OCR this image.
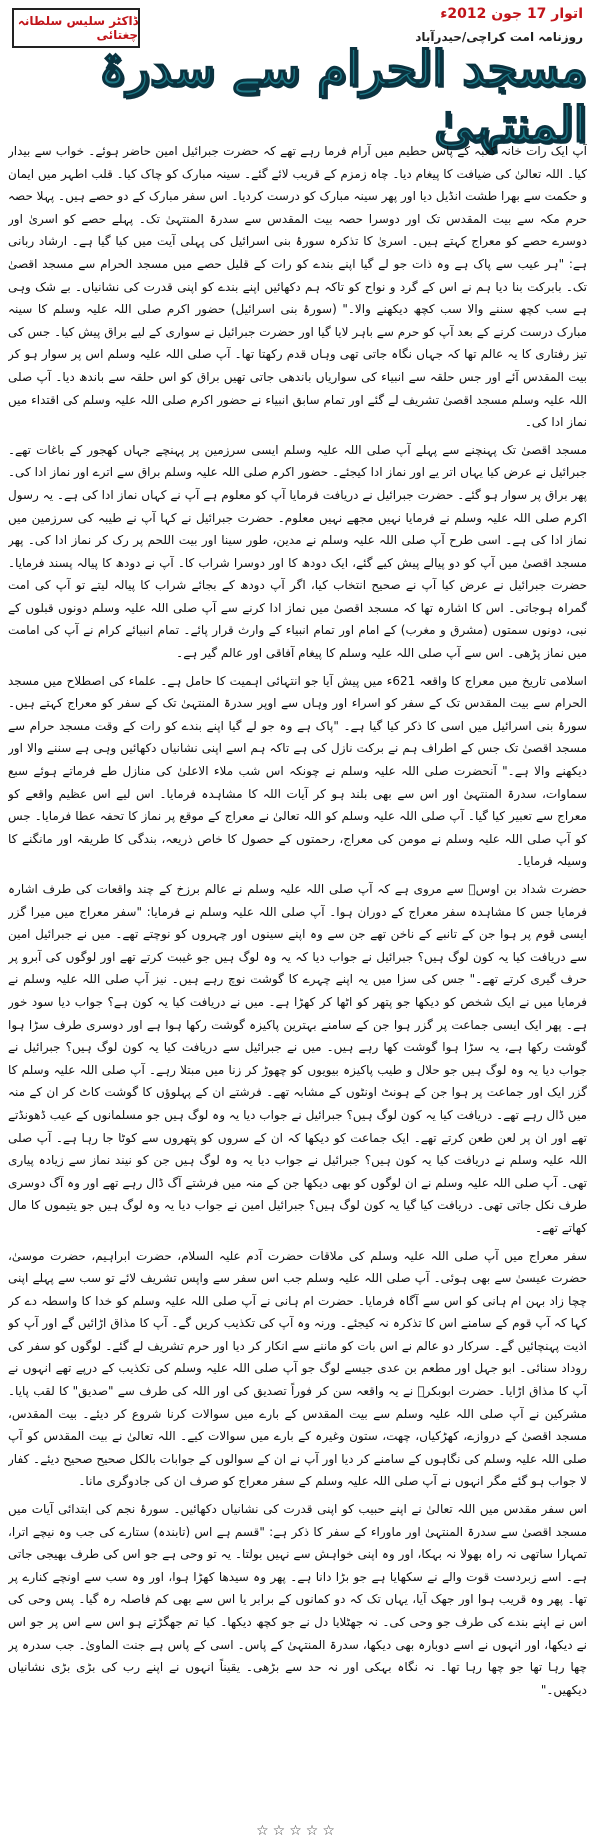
اتوار 17 جون 2012ء
روزنامہ امت کراچی/حیدرآباد
ڈاکٹر سلیس سلطانہ چغتائی
مسجد الحرام سے سدرۃ المنتہیٰ

آپ ایک رات خانہ کعبہ کے پاس حطیم میں آرام فرما رہے تھے کہ حضرت جبرائیل امین حاضر ہوئے۔ خواب سے بیدار کیا۔ اللہ تعالیٰ کی ضیافت کا پیغام دیا۔ چاہ زمزم کے قریب لائے گئے۔ سینہ مبارک کو چاک کیا۔ قلب اطہر میں ایمان و حکمت سے بھرا طشت انڈیل دیا اور پھر سینہ مبارک کو درست کردیا۔ اس سفر مبارک کے دو حصے ہیں۔ پہلا حصہ حرم مکہ سے بیت المقدس تک اور دوسرا حصہ بیت المقدس سے سدرۃ المنتہیٰ تک۔ پہلے حصے کو اسریٰ اور دوسرے حصے کو معراج کہتے ہیں۔ اسریٰ کا تذکرہ سورۂ بنی اسرائیل کی پہلی آیت میں کیا گیا ہے۔ ارشاد ربانی ہے: "ہر عیب سے پاک ہے وہ ذات جو لے گیا اپنے بندے کو رات کے قلیل حصے میں مسجد الحرام سے مسجد اقصیٰ تک۔ بابرکت بنا دیا ہم نے اس کے گرد و نواح کو تاکہ ہم دکھائیں اپنے بندے کو اپنی قدرت کی نشانیاں۔ بے شک وہی ہے سب کچھ سننے والا سب کچھ دیکھنے والا۔" (سورۂ بنی اسرائیل) حضور اکرم صلی اللہ علیہ وسلم کا سینہ مبارک درست کرنے کے بعد آپ کو حرم سے باہر لایا گیا اور حضرت جبرائیل نے سواری کے لیے براق پیش کیا۔ جس کی تیز رفتاری کا یہ عالم تھا کہ جہاں نگاہ جاتی تھی وہاں قدم رکھتا تھا۔ آپ صلی اللہ علیہ وسلم اس پر سوار ہو کر بیت المقدس آئے اور جس حلقہ سے انبیاء کی سواریاں باندھی جاتی تھیں براق کو اس حلقہ سے باندھ دیا۔ آپ صلی اللہ علیہ وسلم مسجد اقصیٰ تشریف لے گئے اور تمام سابق انبیاء نے حضور اکرم صلی اللہ علیہ وسلم کی اقتداء میں نماز ادا کی۔

مسجد اقصیٰ تک پہنچنے سے پہلے آپ صلی اللہ علیہ وسلم ایسی سرزمین پر پہنچے جہاں کھجور کے باغات تھے۔ جبرائیل نے عرض کیا یہاں اتر یے اور نماز ادا کیجئے۔ حضور اکرم صلی اللہ علیہ وسلم براق سے اترے اور نماز ادا کی۔ پھر براق پر سوار ہو گئے۔ حضرت جبرائیل نے دریافت فرمایا آپ کو معلوم ہے آپ نے کہاں نماز ادا کی ہے۔ یہ رسول اکرم صلی اللہ علیہ وسلم نے فرمایا نہیں مجھے نہیں معلوم۔ حضرت جبرائیل نے کہا آپ نے طیبہ کی سرزمین میں نماز ادا کی ہے۔ اسی طرح آپ صلی اللہ علیہ وسلم نے مدین، طور سینا اور بیت اللحم پر رک کر نماز ادا کی۔ پھر مسجد اقصیٰ میں آپ کو دو پیالے پیش کیے گئے، ایک دودھ کا اور دوسرا شراب کا۔ آپ نے دودھ کا پیالہ پسند فرمایا۔ حضرت جبرائیل نے عرض کیا آپ نے صحیح انتخاب کیا، اگر آپ دودھ کے بجائے شراب کا پیالہ لیتے تو آپ کی امت گمراہ ہوجاتی۔ اس کا اشارہ تھا کہ مسجد اقصیٰ میں نماز ادا کرنے سے آپ صلی اللہ علیہ وسلم دونوں قبلوں کے نبی، دونوں سمتوں (مشرق و مغرب) کے امام اور تمام انبیاء کے وارث قرار پائے۔ تمام انبیائے کرام نے آپ کی امامت میں نماز پڑھی۔ اس سے آپ صلی اللہ علیہ وسلم کا پیغام آفاقی اور عالم گیر ہے۔

اسلامی تاریخ میں معراج کا واقعہ 621ء میں پیش آیا جو انتہائی اہمیت کا حامل ہے۔ علماء کی اصطلاح میں مسجد الحرام سے بیت المقدس تک کے سفر کو اسراء اور وہاں سے اوپر سدرۃ المنتہیٰ تک کے سفر کو معراج کہتے ہیں۔ سورۂ بنی اسرائیل میں اسی کا ذکر کیا گیا ہے۔ "پاک ہے وہ جو لے گیا اپنے بندے کو رات کے وقت مسجد حرام سے مسجد اقصیٰ تک جس کے اطراف ہم نے برکت نازل کی ہے تاکہ ہم اسے اپنی نشانیاں دکھائیں وہی ہے سننے والا اور دیکھنے والا ہے۔" آنحضرت صلی اللہ علیہ وسلم نے چونکہ اس شب ملاء الاعلیٰ کی منازل طے فرماتے ہوئے سبع سماوات، سدرۃ المنتہیٰ اور اس سے بھی بلند ہو کر آیات اللہ کا مشاہدہ فرمایا۔ اس لیے اس عظیم واقعے کو معراج سے تعبیر کیا گیا۔ آپ صلی اللہ علیہ وسلم کو اللہ تعالیٰ نے معراج کے موقع پر نماز کا تحفہ عطا فرمایا۔ جس کو آپ صلی اللہ علیہ وسلم نے مومن کی معراج، رحمتوں کے حصول کا خاص ذریعہ، بندگی کا طریقہ اور مانگنے کا وسیلہ فرمایا۔

حضرت شداد بن اوسؓ سے مروی ہے کہ آپ صلی اللہ علیہ وسلم نے عالم برزخ کے چند واقعات کی طرف اشارہ فرمایا جس کا مشاہدہ سفر معراج کے دوران ہوا۔ آپ صلی اللہ علیہ وسلم نے فرمایا: "سفر معراج میں میرا گزر ایسی قوم پر ہوا جن کے تانبے کے ناخن تھے جن سے وہ اپنے سینوں اور چہروں کو نوچتے تھے۔ میں نے جبرائیل امین سے دریافت کیا یہ کون لوگ ہیں؟ جبرائیل نے جواب دیا کہ یہ وہ لوگ ہیں جو غیبت کرتے تھے اور لوگوں کی آبرو پر حرف گیری کرتے تھے۔" جس کی سزا میں یہ اپنے چہرے کا گوشت نوچ رہے ہیں۔ نیز آپ صلی اللہ علیہ وسلم نے فرمایا میں نے ایک شخص کو دیکھا جو پتھر کو اٹھا کر کھڑا ہے۔ میں نے دریافت کیا یہ کون ہے؟ جواب دیا سود خور ہے۔ پھر ایک ایسی جماعت پر گزر ہوا جن کے سامنے بہترین پاکیزہ گوشت رکھا ہوا ہے اور دوسری طرف سڑا ہوا گوشت رکھا ہے، یہ سڑا ہوا گوشت کھا رہے ہیں۔ میں نے جبرائیل سے دریافت کیا یہ کون لوگ ہیں؟ جبرائیل نے جواب دیا یہ وہ لوگ ہیں جو حلال و طیب پاکیزہ بیویوں کو چھوڑ کر زنا میں مبتلا رہے۔ آپ صلی اللہ علیہ وسلم کا گزر ایک اور جماعت پر ہوا جن کے ہونٹ اونٹوں کے مشابہ تھے۔ فرشتے ان کے پہلوؤں کا گوشت کاٹ کر ان کے منہ میں ڈال رہے تھے۔ دریافت کیا یہ کون لوگ ہیں؟ جبرائیل نے جواب دیا یہ وہ لوگ ہیں جو مسلمانوں کے عیب ڈھونڈتے تھے اور ان پر لعن طعن کرتے تھے۔ ایک جماعت کو دیکھا کہ ان کے سروں کو پتھروں سے کوٹا جا رہا ہے۔ آپ صلی اللہ علیہ وسلم نے دریافت کیا یہ کون ہیں؟ جبرائیل نے جواب دیا یہ وہ لوگ ہیں جن کو نیند نماز سے زیادہ پیاری تھی۔ آپ صلی اللہ علیہ وسلم نے ان لوگوں کو بھی دیکھا جن کے منہ میں فرشتے آگ ڈال رہے تھے اور وہ آگ دوسری طرف نکل جاتی تھی۔ دریافت کیا گیا یہ کون لوگ ہیں؟ جبرائیل امین نے جواب دیا یہ وہ لوگ ہیں جو یتیموں کا مال کھاتے تھے۔

سفر معراج میں آپ صلی اللہ علیہ وسلم کی ملاقات حضرت آدم علیہ السلام، حضرت ابراہیم، حضرت موسیٰ، حضرت عیسیٰ سے بھی ہوئی۔ آپ صلی اللہ علیہ وسلم جب اس سفر سے واپس تشریف لائے تو سب سے پہلے اپنی چچا زاد بہن ام ہانی کو اس سے آگاہ فرمایا۔ حضرت ام ہانی نے آپ صلی اللہ علیہ وسلم کو خدا کا واسطہ دے کر کہا کہ آپ قوم کے سامنے اس کا تذکرہ نہ کیجئے۔ ورنہ وہ آپ کی تکذیب کریں گے۔ آپ کا مذاق اڑائیں گے اور آپ کو اذیت پہنچائیں گے۔ سرکار دو عالم نے اس بات کو ماننے سے انکار کر دیا اور حرم تشریف لے گئے۔ لوگوں کو سفر کی روداد سنائی۔ ابو جہل اور مطعم بن عدی جیسے لوگ جو آپ صلی اللہ علیہ وسلم کی تکذیب کے درپے تھے انہوں نے آپ کا مذاق اڑایا۔ حضرت ابوبکرؓ نے یہ واقعہ سن کر فوراً تصدیق کی اور اللہ کی طرف سے "صدیق" کا لقب پایا۔ مشرکین نے آپ صلی اللہ علیہ وسلم سے بیت المقدس کے بارے میں سوالات کرنا شروع کر دیئے۔ بیت المقدس، مسجد اقصیٰ کے دروازے، کھڑکیاں، چھت، ستون وغیرہ کے بارے میں سوالات کیے۔ اللہ تعالیٰ نے بیت المقدس کو آپ صلی اللہ علیہ وسلم کی نگاہوں کے سامنے کر دیا اور آپ نے ان کے سوالوں کے جوابات بالکل صحیح صحیح دیئے۔ کفار لا جواب ہو گئے مگر انہوں نے آپ صلی اللہ علیہ وسلم کے سفر معراج کو صرف ان کی جادوگری مانا۔

اس سفر مقدس میں اللہ تعالیٰ نے اپنے حبیب کو اپنی قدرت کی نشانیاں دکھائیں۔ سورۂ نجم کی ابتدائی آیات میں مسجد اقصیٰ سے سدرۃ المنتہیٰ اور ماوراء کے سفر کا ذکر ہے: "قسم ہے اس (تابندہ) ستارے کی جب وہ نیچے اترا، تمہارا ساتھی نہ راہ بھولا نہ بہکا، اور وہ اپنی خواہش سے نہیں بولتا۔ یہ تو وحی ہے جو اس کی طرف بھیجی جاتی ہے۔ اسے زبردست قوت والے نے سکھایا ہے جو بڑا دانا ہے۔ پھر وہ سیدھا کھڑا ہوا، اور وہ سب سے اونچے کنارے پر تھا۔ پھر وہ قریب ہوا اور جھک آیا، یہاں تک کہ دو کمانوں کے برابر یا اس سے بھی کم فاصلہ رہ گیا۔ پس وحی کی اس نے اپنے بندے کی طرف جو وحی کی۔ نہ جھٹلایا دل نے جو کچھ دیکھا۔ کیا تم جھگڑتے ہو اس سے اس پر جو اس نے دیکھا، اور انہوں نے اسے دوبارہ بھی دیکھا، سدرۃ المنتہیٰ کے پاس۔ اسی کے پاس ہے جنت الماویٰ۔ جب سدرہ پر چھا رہا تھا جو چھا رہا تھا۔ نہ نگاہ بہکی اور نہ حد سے بڑھی۔ یقیناً انہوں نے اپنے رب کی بڑی بڑی نشانیاں دیکھیں۔"

☆☆☆☆☆
